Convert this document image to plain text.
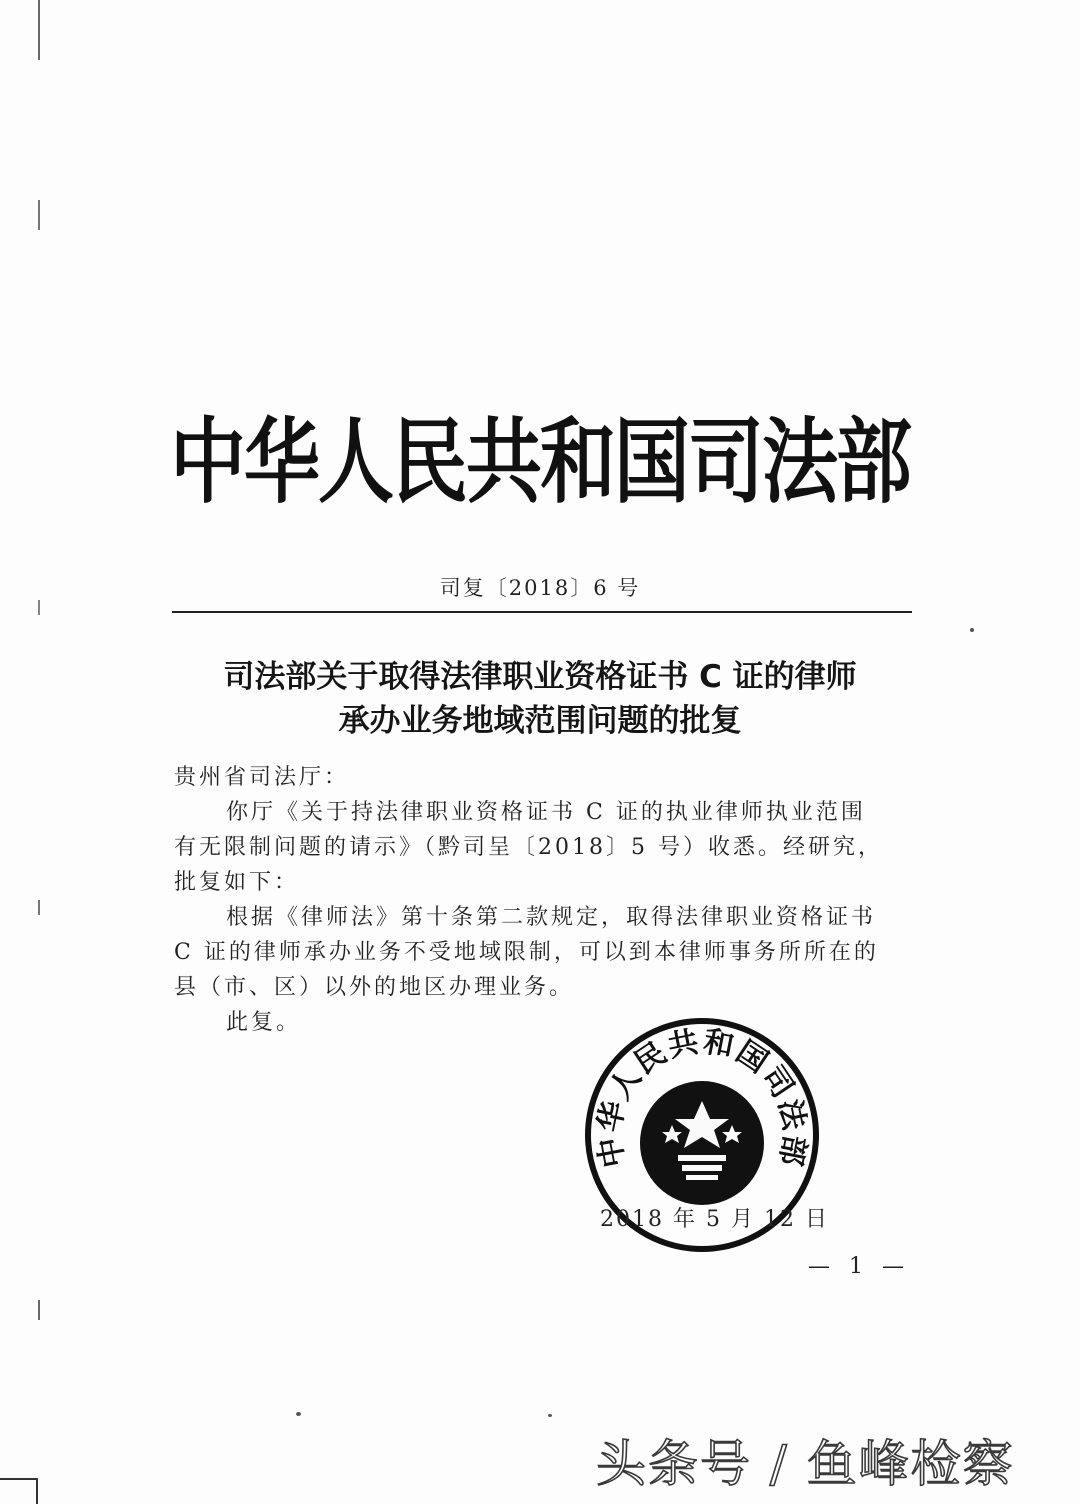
中华人民共和国司法部
司复〔2018〕6 号
司法部关于取得法律职业资格证书 C 证的律师
承办业务地域范围问题的批复

贵州省司法厅：

你厅《关于持法律职业资格证书 C 证的执业律师执业范围

有无限制问题的请示》（黔司呈〔2018〕5 号）收悉。经研究，

批复如下：

根据《律师法》第十条第二款规定，取得法律职业资格证书

C 证的律师承办业务不受地域限制，可以到本律师事务所所在的

县（市、区）以外的地区办理业务。

此复。

中华人民共和国司法部
2018 年 5 月 12 日
— 1 —
头条号 / 鱼峰检察
